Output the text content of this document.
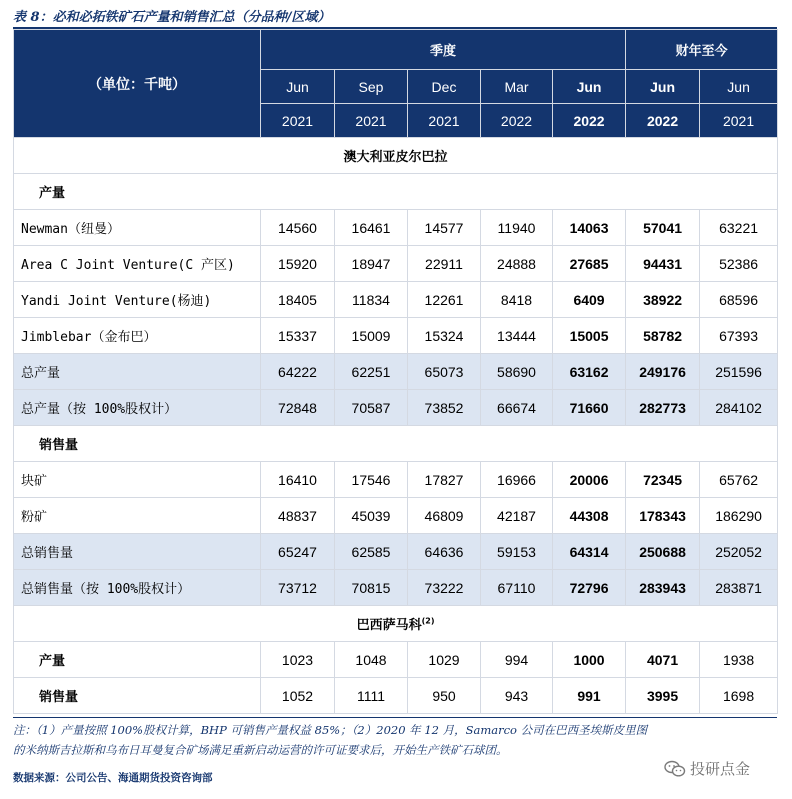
表 8：必和必拓铁矿石产量和销售汇总（分品种/区域）
（单位：千吨）	季度					财年至今	
	Jun	Sep	Dec	Mar	Jun	Jun	Jun
	2021	2021	2021	2022	2022	2022	2021
澳大利亚皮尔巴拉							
产量							
Newman（纽曼）	14560	16461	14577	11940	14063	57041	63221
Area C Joint Venture(C 产区)	15920	18947	22911	24888	27685	94431	52386
Yandi Joint Venture(杨迪)	18405	11834	12261	8418	6409	38922	68596
Jimblebar（金布巴）	15337	15009	15324	13444	15005	58782	67393
总产量	64222	62251	65073	58690	63162	249176	251596
总产量（按 100%股权计）	72848	70587	73852	66674	71660	282773	284102
销售量							
块矿	16410	17546	17827	16966	20006	72345	65762
粉矿	48837	45039	46809	42187	44308	178343	186290
总销售量	65247	62585	64636	59153	64314	250688	252052
总销售量（按 100%股权计）	73712	70815	73222	67110	72796	283943	283871
巴西萨马科$^{(2)}$
产量	1023	1048	1029	994	1000	4071	1938
销售量	1052	1111	950	943	991	3995	1698

注：（1）产量按照 100%股权计算，BHP 可销售产量权益 85%；（2）2020 年 12 月，Samarco 公司在巴西圣埃斯皮里图

的米纳斯吉拉斯和乌布日耳曼复合矿场满足重新启动运营的许可证要求后，开始生产铁矿石球团。

数据来源：公司公告、海通期货投资咨询部	投研点金
